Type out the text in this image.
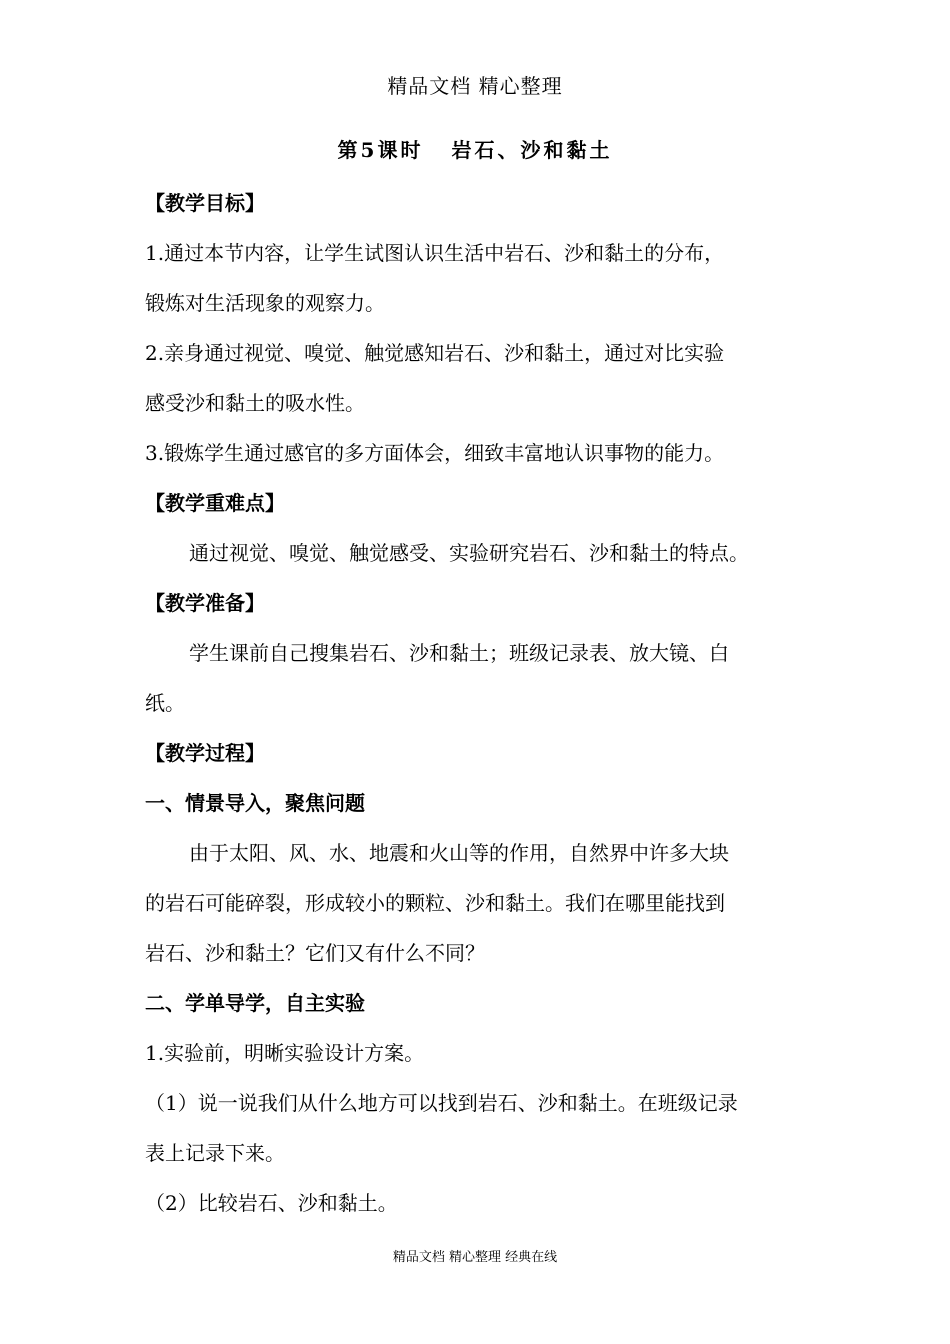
精品文档 精心整理
第5课时 岩石、沙和黏土
【教学目标】
1.通过本节内容，让学生试图认识生活中岩石、沙和黏土的分布，
锻炼对生活现象的观察力。
2.亲身通过视觉、嗅觉、触觉感知岩石、沙和黏土，通过对比实验
感受沙和黏土的吸水性。
3.锻炼学生通过感官的多方面体会，细致丰富地认识事物的能力。
【教学重难点】
通过视觉、嗅觉、触觉感受、实验研究岩石、沙和黏土的特点。
【教学准备】
学生课前自己搜集岩石、沙和黏土；班级记录表、放大镜、白
纸。
【教学过程】
一、情景导入，聚焦问题
由于太阳、风、水、地震和火山等的作用，自然界中许多大块
的岩石可能碎裂，形成较小的颗粒、沙和黏土。我们在哪里能找到
岩石、沙和黏土？它们又有什么不同？
二、学单导学，自主实验
1.实验前，明晰实验设计方案。
（1）说一说我们从什么地方可以找到岩石、沙和黏土。在班级记录
表上记录下来。
（2）比较岩石、沙和黏土。
精品文档 精心整理 经典在线
